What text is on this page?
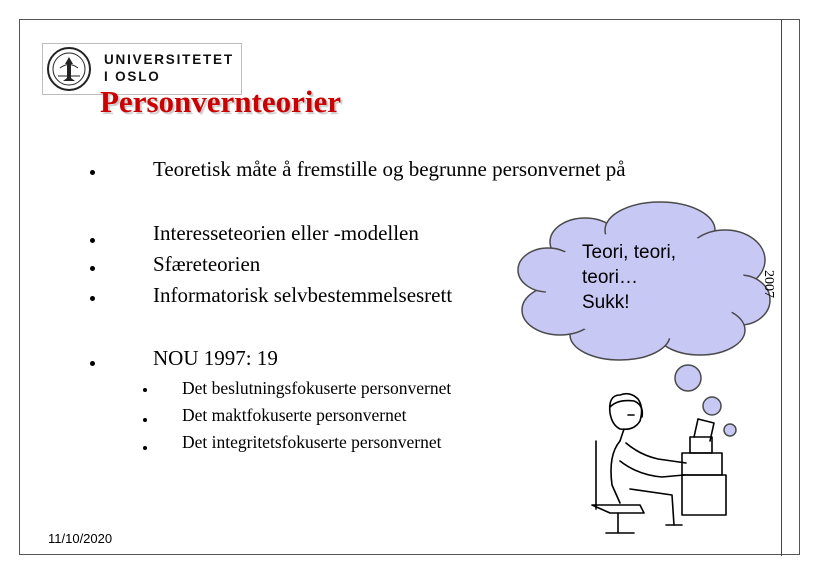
UNIVERSITETET
I OSLO
Personvernteorier
Teoretisk måte å fremstille og begrunne personvernet på
Interesseteorien eller -modellen
Sfæreteorien
Informatorisk selvbestemmelsesrett
NOU 1997: 19
Det beslutningsfokuserte personvernet
Det maktfokuserte personvernet
Det integritetsfokuserte personvernet
Teori, teori,
teori…
Sukk!
2007
11/10/2020
